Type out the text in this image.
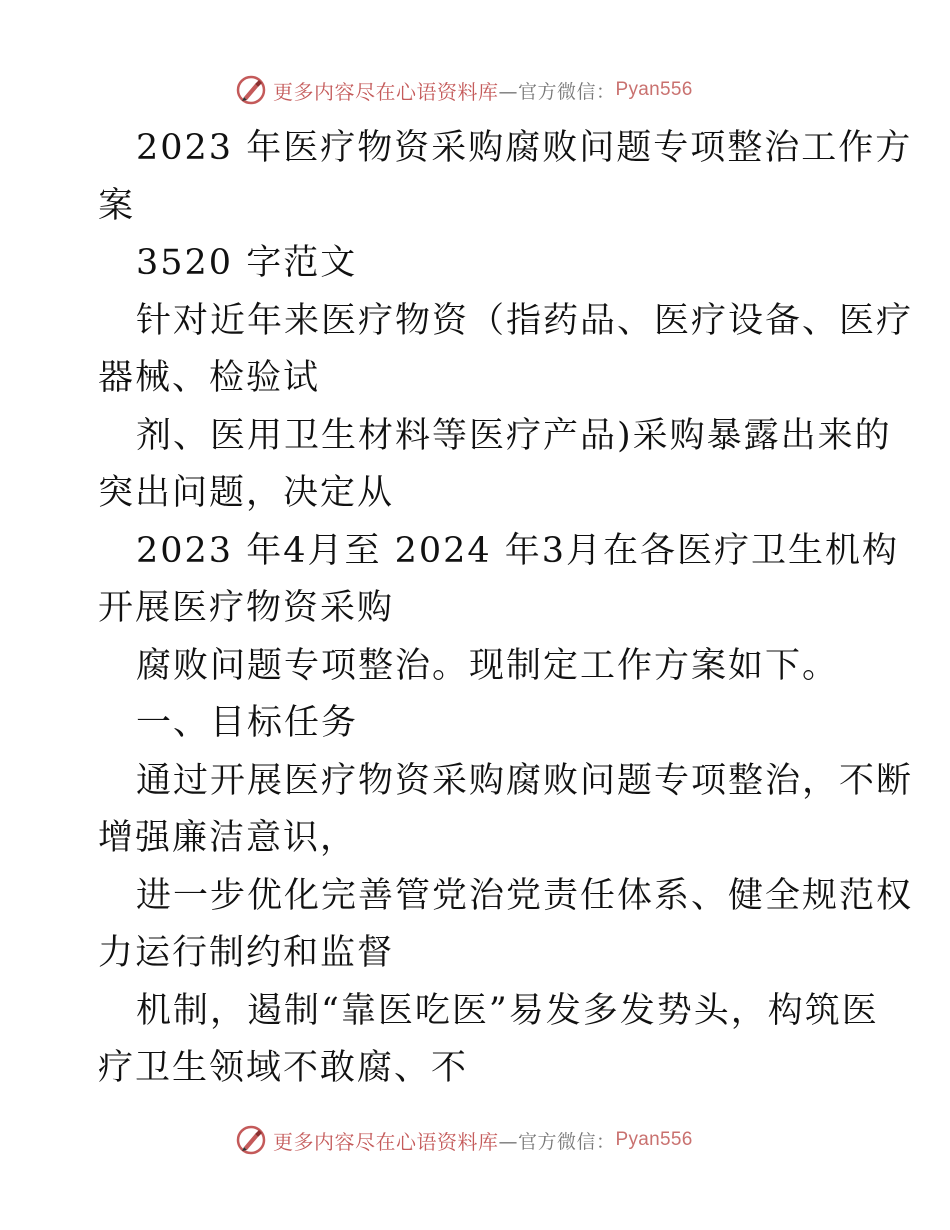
更多内容尽在心语资料库 —官方微信： Pyan556
2023 年医疗物资采购腐败问题专项整治工作方
案
3520 字范文
针对近年来医疗物资（指药品、医疗设备、医疗
器械、检验试
剂、医用卫生材料等医疗产品)采购暴露出来的
突出问题，决定从
2023 年4月至 2024 年3月在各医疗卫生机构
开展医疗物资采购
腐败问题专项整治。现制定工作方案如下。
一、目标任务
通过开展医疗物资采购腐败问题专项整治，不断
增强廉洁意识，
进一步优化完善管党治党责任体系、健全规范权
力运行制约和监督
机制，遏制“靠医吃医”易发多发势头，构筑医
疗卫生领域不敢腐、不
更多内容尽在心语资料库 —官方微信： Pyan556
